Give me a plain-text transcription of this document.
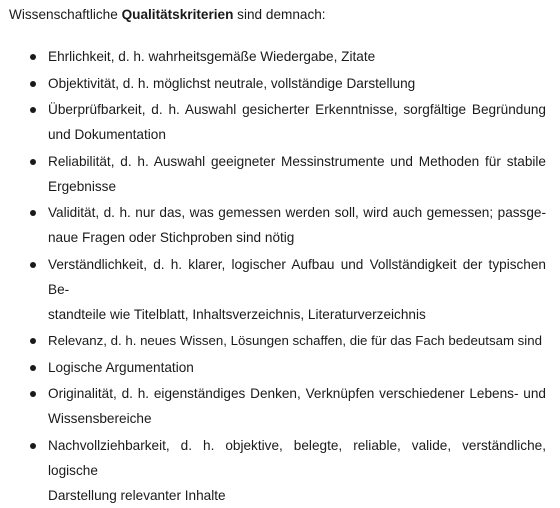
Wissenschaftliche Qualitätskriterien sind demnach:

Ehrlichkeit, d. h. wahrheitsgemäße Wiedergabe, Zitate
Objektivität, d. h. möglichst neutrale, vollständige Darstellung
Überprüfbarkeit, d. h. Auswahl gesicherter Erkenntnisse, sorgfältige Begründung
und Dokumentation
Reliabilität, d. h. Auswahl geeigneter Messinstrumente und Methoden für stabile
Ergebnisse
Validität, d. h. nur das, was gemessen werden soll, wird auch gemessen; passge-
naue Fragen oder Stichproben sind nötig
Verständlichkeit, d. h. klarer, logischer Aufbau und Vollständigkeit der typischen Be-
standteile wie Titelblatt, Inhaltsverzeichnis, Literaturverzeichnis
Relevanz, d. h. neues Wissen, Lösungen schaffen, die für das Fach bedeutsam sind
Logische Argumentation
Originalität, d. h. eigenständiges Denken, Verknüpfen verschiedener Lebens- und
Wissensbereiche
Nachvollziehbarkeit, d. h. objektive, belegte, reliable, valide, verständliche, logische
Darstellung relevanter Inhalte
